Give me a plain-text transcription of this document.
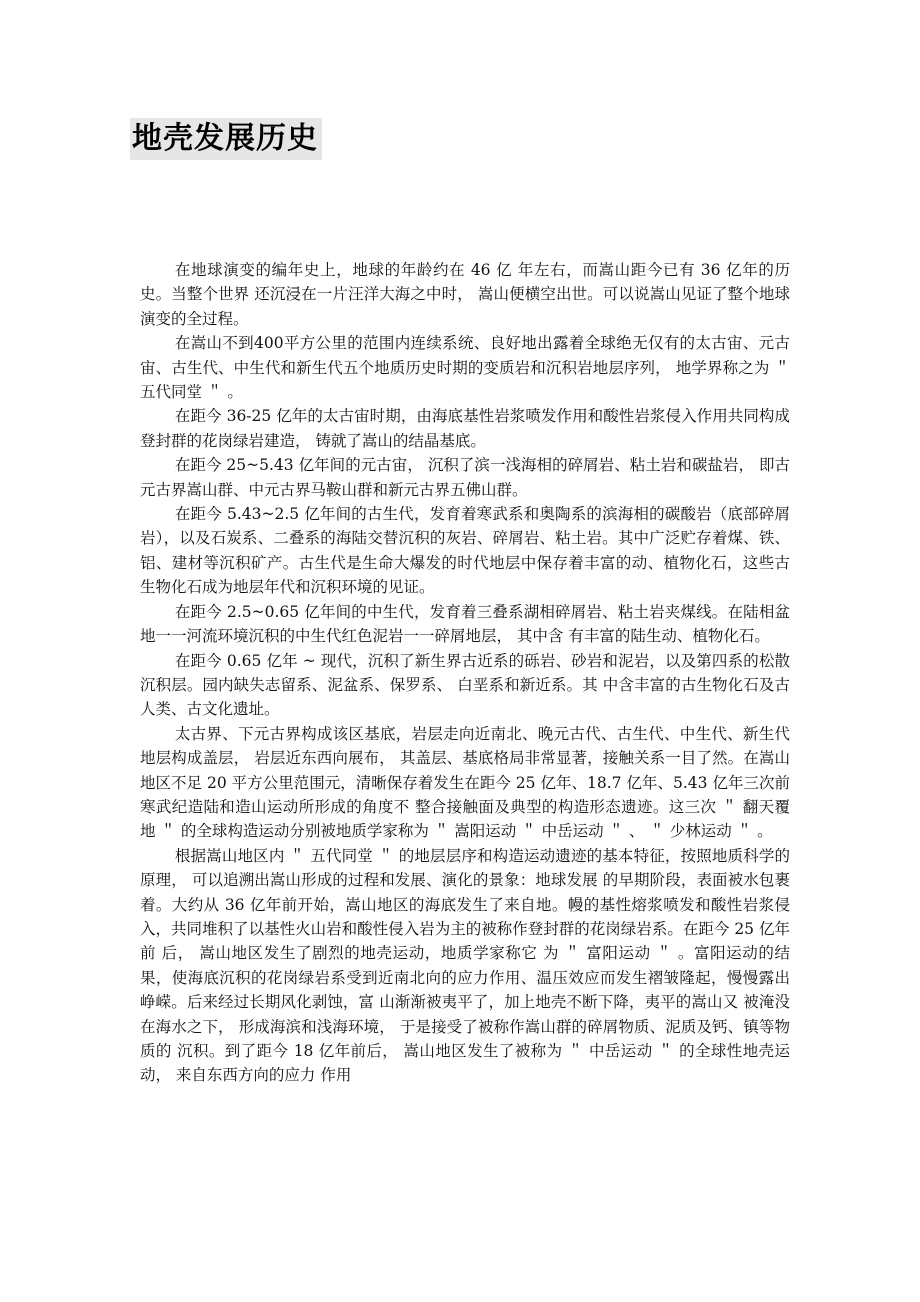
地壳发展历史

在地球演变的编年史上，地球的年龄约在 46 亿 年左右，而嵩山距今已有 36 亿年的历史。当整个世界 还沉浸在一片汪洋大海之中时， 嵩山便横空出世。可以说嵩山见证了整个地球演变的全过程。

在嵩山不到400平方公里的范围内连续系统、良好地出露着全球绝无仅有的太古宙、元古宙、古生代、中生代和新生代五个地质历史时期的变质岩和沉积岩地层序列， 地学界称之为 ＂ 五代同堂 ＂ 。

在距今 36-25 亿年的太古宙时期，由海底基性岩浆喷发作用和酸性岩浆侵入作用共同构成登封群的花岗绿岩建造， 铸就了嵩山的结晶基底。

在距今 25~5.43 亿年间的元古宙， 沉积了滨一浅海相的碎屑岩、粘土岩和碳盐岩， 即古元古界嵩山群、中元古界马鞍山群和新元古界五佛山群。

在距今 5.43~2.5 亿年间的古生代，发育着寒武系和奥陶系的滨海相的碳酸岩（底部碎屑岩），以及石炭系、二叠系的海陆交替沉积的灰岩、碎屑岩、粘土岩。其中广泛贮存着煤、铁、铝、建材等沉积矿产。古生代是生命大爆发的时代地层中保存着丰富的动、植物化石，这些古生物化石成为地层年代和沉积环境的见证。

在距今 2.5~0.65 亿年间的中生代，发育着三叠系湖相碎屑岩、粘土岩夹煤线。在陆相盆地一一河流环境沉积的中生代红色泥岩一一碎屑地层， 其中含 有丰富的陆生动、植物化石。

在距今 0.65 亿年 ~ 现代，沉积了新生界古近系的砾岩、砂岩和泥岩，以及第四系的松散沉积层。园内缺失志留系、泥盆系、保罗系、 白垩系和新近系。其 中含丰富的古生物化石及古人类、古文化遗址。

太古界、下元古界构成该区基底，岩层走向近南北、晚元古代、古生代、中生代、新生代地层构成盖层， 岩层近东西向展布， 其盖层、基底格局非常显著，接触关系一目了然。在嵩山地区不足 20 平方公里范围元，清晰保存着发生在距今 25 亿年、18.7 亿年、5.43 亿年三次前寒武纪造陆和造山运动所形成的角度不 整合接触面及典型的构造形态遗迹。这三次 ＂ 翻天覆地 ＂ 的全球构造运动分别被地质学家称为 ＂ 嵩阳运动 ＂ 中岳运动 ＂ 、 ＂ 少林运动 ＂ 。

根据嵩山地区内 ＂ 五代同堂 ＂ 的地层层序和构造运动遗迹的基本特征，按照地质科学的原理， 可以追溯出嵩山形成的过程和发展、演化的景象：地球发展 的早期阶段，表面被水包裹着。大约从 36 亿年前开始，嵩山地区的海底发生了来自地。幔的基性熔浆喷发和酸性岩浆侵入，共同堆积了以基性火山岩和酸性侵入岩为主的被称作登封群的花岗绿岩系。在距今 25 亿年前 后， 嵩山地区发生了剧烈的地壳运动，地质学家称它 为 ＂ 富阳运动 ＂ 。富阳运动的结果，使海底沉积的花岗绿岩系受到近南北向的应力作用、温压效应而发生褶皱隆起，慢慢露出峥嵘。后来经过长期风化剥蚀，富 山渐渐被夷平了，加上地壳不断下降，夷平的嵩山又 被淹没在海水之下， 形成海滨和浅海环境， 于是接受了被称作嵩山群的碎屑物质、泥质及钙、镇等物质的 沉积。到了距今 18 亿年前后， 嵩山地区发生了被称为 ＂ 中岳运动 ＂ 的全球性地壳运动， 来自东西方向的应力 作用
